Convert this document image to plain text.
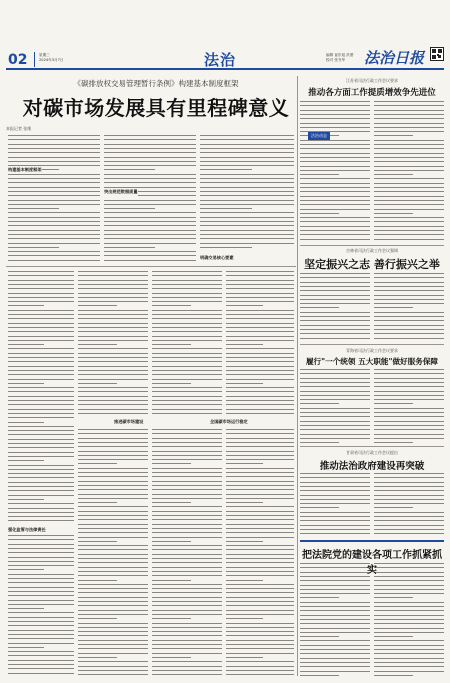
02	星期三
2024年3月7日	法治	编辑 崔东旭 洪蕾
校对 张书华	法治日报
《碳排放权交易管理暂行条例》构建基本制度框架
对碳市场发展具有里程碑意义
本报记者 张维
构建基本制度框架
突出规范数据质量
明确交易核心要素
强化监管与法律责任
推进碳市场建设	全国碳市场运行稳定
江苏省司法行政工作会议要求
推动各方面工作提质增效争先进位
法治动态
吉林省司法行政工作会议强调
坚定振兴之志 善行振兴之举
青海省司法行政工作会议要求
履行"一个统领 五大职能"做好服务保障
甘肃省司法行政工作会议提出
推动法治政府建设再突破
把法院党的建设各项工作抓紧抓实
